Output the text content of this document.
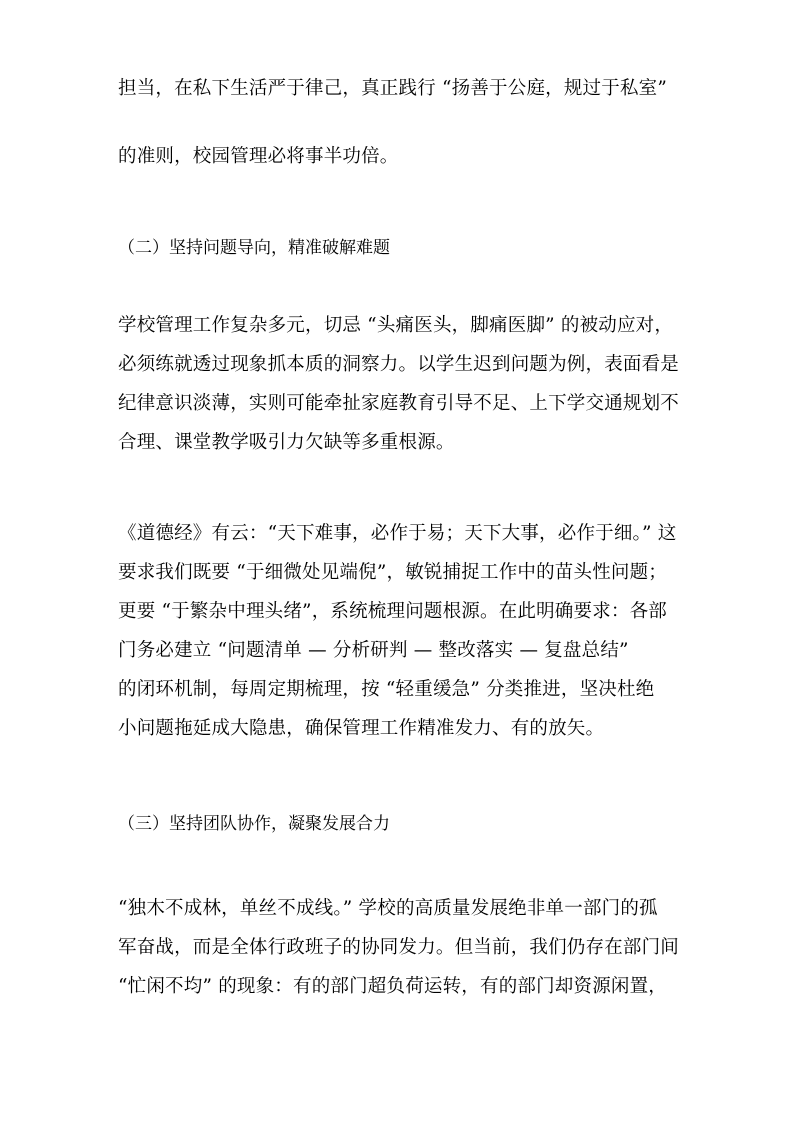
担当，在私下生活严于律己，真正践行 “扬善于公庭，规过于私室”
的准则，校园管理必将事半功倍。
（二）坚持问题导向，精准破解难题
学校管理工作复杂多元，切忌 “头痛医头，脚痛医脚” 的被动应对，
必须练就透过现象抓本质的洞察力。以学生迟到问题为例，表面看是
纪律意识淡薄，实则可能牵扯家庭教育引导不足、上下学交通规划不
合理、课堂教学吸引力欠缺等多重根源。
《道德经》有云：“天下难事，必作于易；天下大事，必作于细。” 这
要求我们既要 “于细微处见端倪”，敏锐捕捉工作中的苗头性问题；
更要 “于繁杂中理头绪”，系统梳理问题根源。在此明确要求：各部
门务必建立 “问题清单 — 分析研判 — 整改落实 — 复盘总结”
的闭环机制，每周定期梳理，按 “轻重缓急” 分类推进，坚决杜绝
小问题拖延成大隐患，确保管理工作精准发力、有的放矢。
（三）坚持团队协作，凝聚发展合力
“独木不成林，单丝不成线。” 学校的高质量发展绝非单一部门的孤
军奋战，而是全体行政班子的协同发力。但当前，我们仍存在部门间
“忙闲不均” 的现象：有的部门超负荷运转，有的部门却资源闲置，
